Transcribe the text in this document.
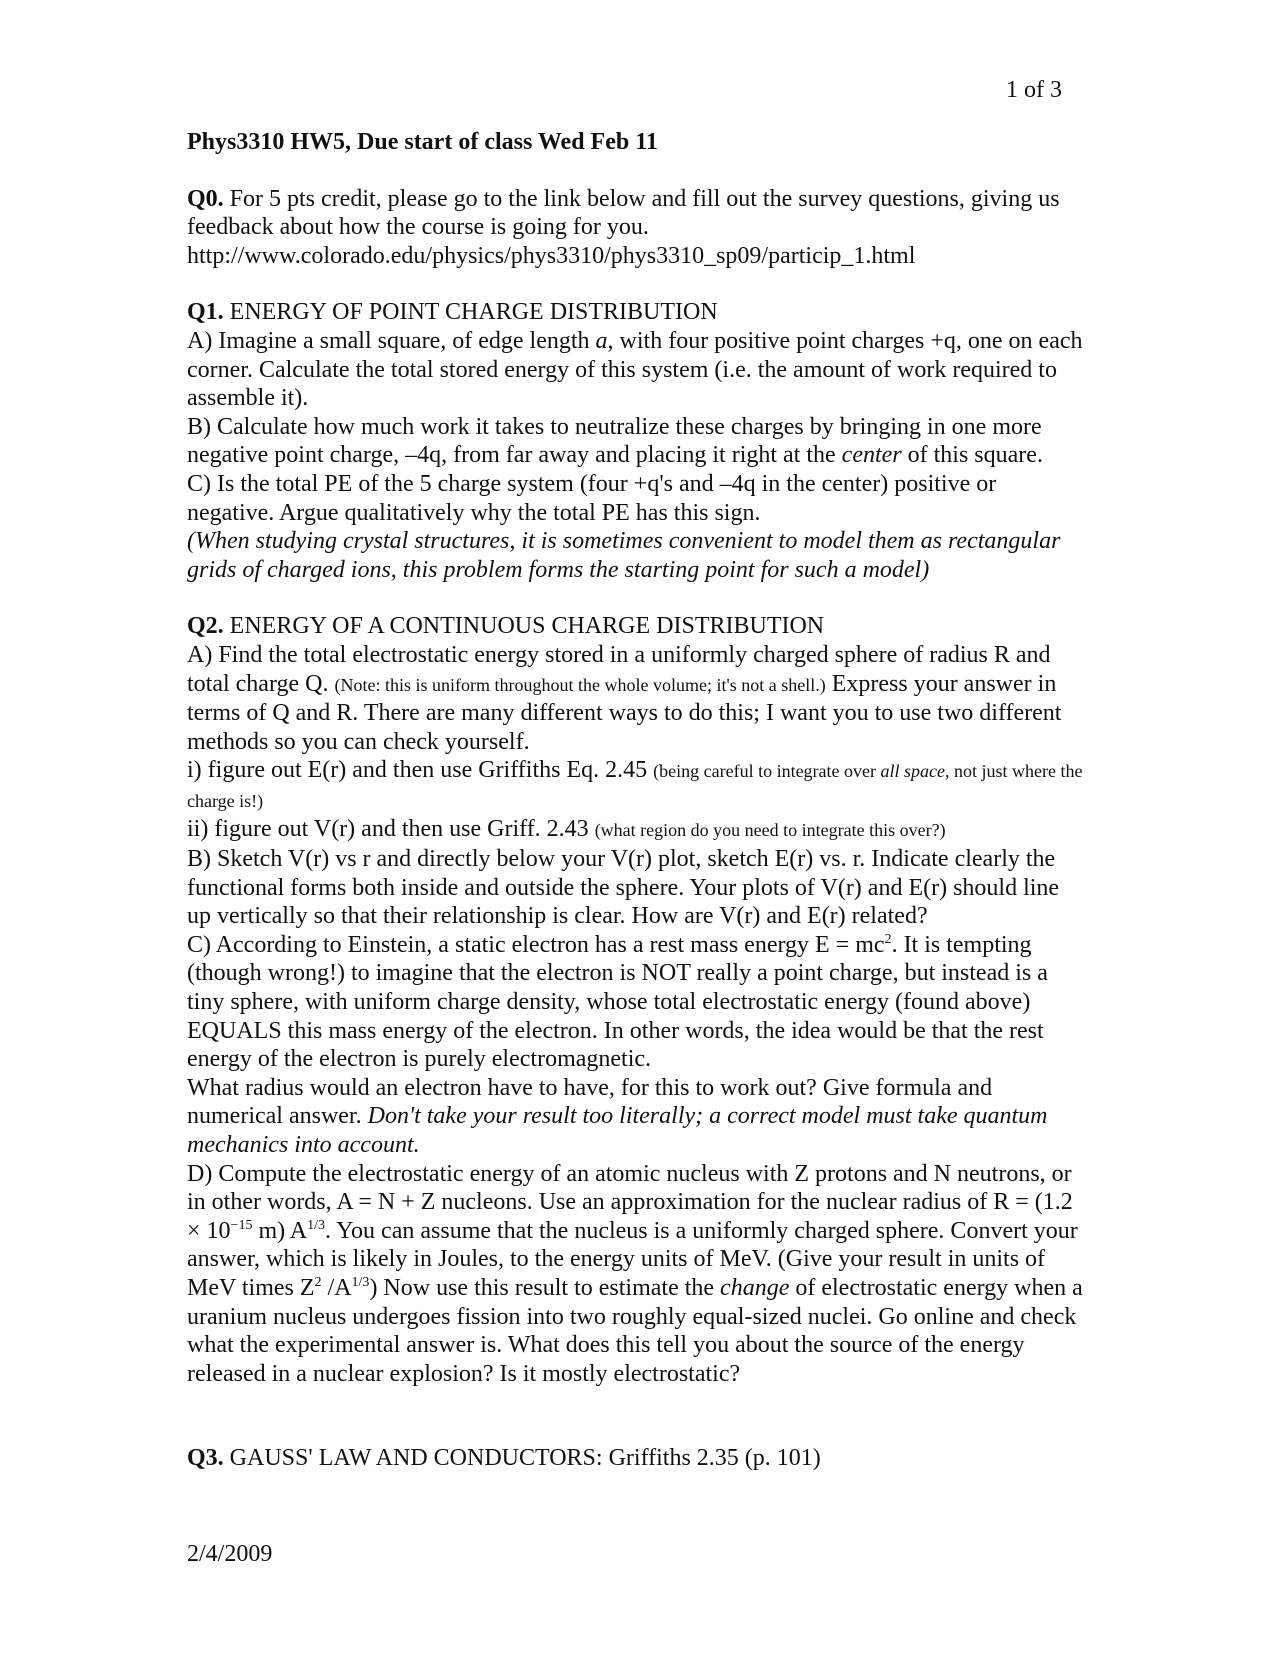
1 of 3

Phys3310 HW5, Due start of class Wed Feb 11

Q0. For 5 pts credit, please go to the link below and fill out the survey questions, giving us feedback about how the course is going for you.

http://www.colorado.edu/physics/phys3310/phys3310_sp09/particip_1.html

Q1. ENERGY OF POINT CHARGE DISTRIBUTION

A) Imagine a small square, of edge length a, with four positive point charges +q, one on each corner. Calculate the total stored energy of this system (i.e. the amount of work required to assemble it).

B) Calculate how much work it takes to neutralize these charges by bringing in one more negative point charge, –4q, from far away and placing it right at the center of this square.

C) Is the total PE of the 5 charge system (four +q's and –4q in the center) positive or negative. Argue qualitatively why the total PE has this sign.

(When studying crystal structures, it is sometimes convenient to model them as rectangular grids of charged ions, this problem forms the starting point for such a model)

Q2. ENERGY OF A CONTINUOUS CHARGE DISTRIBUTION

A) Find the total electrostatic energy stored in a uniformly charged sphere of radius R and total charge Q. (Note: this is uniform throughout the whole volume; it's not a shell.) Express your answer in terms of Q and R. There are many different ways to do this; I want you to use two different methods so you can check yourself.

i) figure out E(r) and then use Griffiths Eq. 2.45 (being careful to integrate over all space, not just where the charge is!)

ii) figure out V(r) and then use Griff. 2.43 (what region do you need to integrate this over?)

B) Sketch V(r) vs r and directly below your V(r) plot, sketch E(r) vs. r. Indicate clearly the functional forms both inside and outside the sphere. Your plots of V(r) and E(r) should line up vertically so that their relationship is clear. How are V(r) and E(r) related?

C) According to Einstein, a static electron has a rest mass energy $E = mc^2$. It is tempting (though wrong!) to imagine that the electron is NOT really a point charge, but instead is a tiny sphere, with uniform charge density, whose total electrostatic energy (found above) EQUALS this mass energy of the electron. In other words, the idea would be that the rest energy of the electron is purely electromagnetic.

What radius would an electron have to have, for this to work out? Give formula and numerical answer. Don't take your result too literally; a correct model must take quantum mechanics into account.

D) Compute the electrostatic energy of an atomic nucleus with Z protons and N neutrons, or in other words, A = N + Z nucleons. Use an approximation for the nuclear radius of $R = (1.2 \times 10^{-15}$ m) $A^{1/3}$. You can assume that the nucleus is a uniformly charged sphere. Convert your answer, which is likely in Joules, to the energy units of MeV. (Give your result in units of MeV times $Z^2$ $/A^{1/3}$) Now use this result to estimate the change of electrostatic energy when a uranium nucleus undergoes fission into two roughly equal-sized nuclei. Go online and check what the experimental answer is. What does this tell you about the source of the energy released in a nuclear explosion? Is it mostly electrostatic?

Q3. GAUSS' LAW AND CONDUCTORS: Griffiths 2.35 (p. 101)

2/4/2009
